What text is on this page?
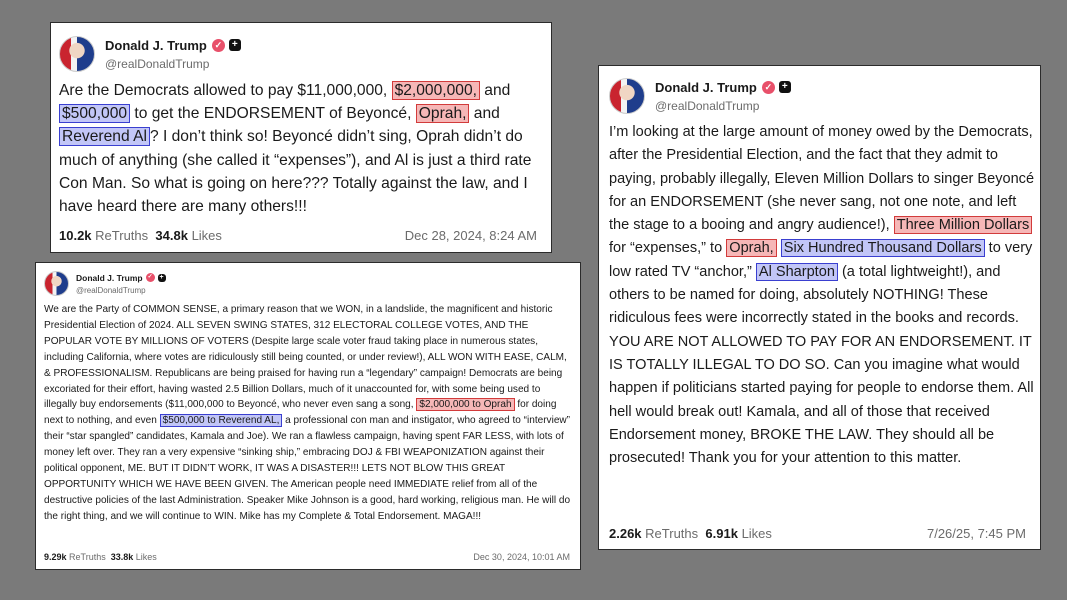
Donald J. Trump ✓ +
@realDonaldTrump
Are the Democrats allowed to pay $11,000,000, $2,000,000, and $500,000 to get the ENDORSEMENT of Beyoncé, Oprah, and Reverend Al ? I don’t think so! Beyoncé didn’t sing, Oprah didn’t do much of anything (she called it “expenses”), and Al is just a third rate Con Man. So what is going on here??? Totally against the law, and I have heard there are many others!!!
10.2k ReTruths
34.8k Likes	Dec 28, 2024, 8:24 AM
Donald J. Trump ✓ +
@realDonaldTrump
We are the Party of COMMON SENSE, a primary reason that we WON, in a landslide, the magnificent and historic Presidential Election of 2024. ALL SEVEN SWING STATES, 312 ELECTORAL COLLEGE VOTES, AND THE POPULAR VOTE BY MILLIONS OF VOTERS (Despite large scale voter fraud taking place in numerous states, including California, where votes are ridiculously still being counted, or under review!), ALL WON WITH EASE, CALM, & PROFESSIONALISM. Republicans are being praised for having run a “legendary” campaign! Democrats are being excoriated for their effort, having wasted 2.5 Billion Dollars, much of it unaccounted for, with some being used to illegally buy endorsements ($11,000,000 to Beyoncé, who never even sang a song, $2,000,000 to Oprah for doing next to nothing, and even $500,000 to Reverend AL, a professional con man and instigator, who agreed to “interview” their “star spangled” candidates, Kamala and Joe). We ran a flawless campaign, having spent FAR LESS, with lots of money left over. They ran a very expensive “sinking ship,” embracing DOJ & FBI WEAPONIZATION against their political opponent, ME. BUT IT DIDN’T WORK, IT WAS A DISASTER!!! LETS NOT BLOW THIS GREAT OPPORTUNITY WHICH WE HAVE BEEN GIVEN. The American people need IMMEDIATE relief from all of the destructive policies of the last Administration. Speaker Mike Johnson is a good, hard working, religious man. He will do the right thing, and we will continue to WIN. Mike has my Complete & Total Endorsement. MAGA!!!
9.29k ReTruths
33.8k Likes	Dec 30, 2024, 10:01 AM
Donald J. Trump ✓ +
@realDonaldTrump
I’m looking at the large amount of money owed by the Democrats, after the Presidential Election, and the fact that they admit to paying, probably illegally, Eleven Million Dollars to singer Beyoncé for an ENDORSEMENT (she never sang, not one note, and left the stage to a booing and angry audience!), Three Million Dollars for “expenses,” to Oprah, Six Hundred Thousand Dollars to very low rated TV “anchor,” Al Sharpton (a total lightweight!), and others to be named for doing, absolutely NOTHING! These ridiculous fees were incorrectly stated in the books and records. YOU ARE NOT ALLOWED TO PAY FOR AN ENDORSEMENT. IT IS TOTALLY ILLEGAL TO DO SO. Can you imagine what would happen if politicians started paying for people to endorse them. All hell would break out! Kamala, and all of those that received Endorsement money, BROKE THE LAW. They should all be prosecuted! Thank you for your attention to this matter.
2.26k ReTruths
6.91k Likes	7/26/25, 7:45 PM
